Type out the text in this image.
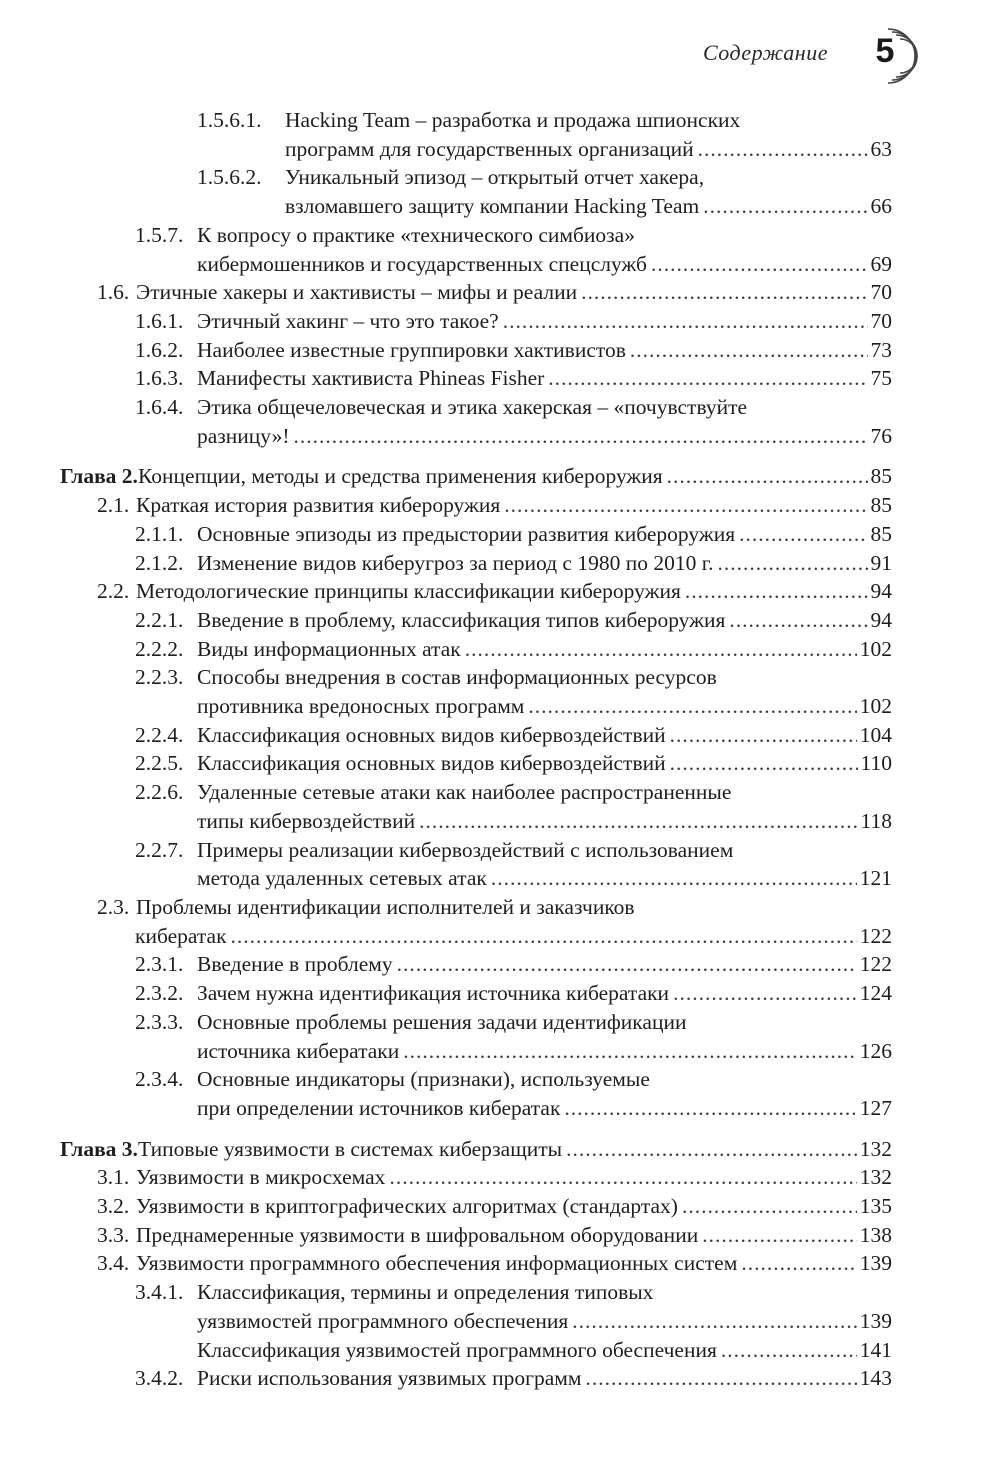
Содержание	5
1.5.6.1.	Hacking Team – разработка и продажа шпионских
программ для государственных организаций .....	63
1.5.6.2.	Уникальный эпизод – открытый отчет хакера,
взломавшего защиту компании Hacking Team .....	66
1.5.7. К вопросу о практике «технического симбиоза»
кибермошенников и государственных спецслужб .....	69
1.6. Этичные хакеры и хактивисты – мифы и реалии .....	70
1.6.1. Этичный хакинг – что это такое? .....	70
1.6.2. Наиболее известные группировки хактивистов .....	73
1.6.3. Манифесты хактивиста Phineas Fisher .....	75
1.6.4. Этика общечеловеческая и этика хакерская – «почувствуйте
разницу»! .....	76
Глава 2. Концепции, методы и средства применения кибероружия .....	85
2.1. Краткая история развития кибероружия .....	85
2.1.1. Основные эпизоды из предыстории развития кибероружия .....	85
2.1.2. Изменение видов киберугроз за период с 1980 по 2010 г. .....	91
2.2. Методологические принципы классификации кибероружия .....	94
2.2.1. Введение в проблему, классификация типов кибероружия .....	94
2.2.2. Виды информационных атак .....	102
2.2.3. Способы внедрения в состав информационных ресурсов
противника вредоносных программ .....	102
2.2.4. Классификация основных видов кибервоздействий .....	104
2.2.5. Классификация основных видов кибервоздействий .....	110
2.2.6. Удаленные сетевые атаки как наиболее распространенные
типы кибервоздействий .....	118
2.2.7. Примеры реализации кибервоздействий с использованием
метода удаленных сетевых атак .....	121
2.3. Проблемы идентификации исполнителей и заказчиков
кибератак .....	122
2.3.1. Введение в проблему .....	122
2.3.2. Зачем нужна идентификация источника кибератаки .....	124
2.3.3. Основные проблемы решения задачи идентификации
источника кибератаки .....	126
2.3.4. Основные индикаторы (признаки), используемые
при определении источников кибератак .....	127
Глава 3. Типовые уязвимости в системах киберзащиты .....	132
3.1. Уязвимости в микросхемах .....	132
3.2. Уязвимости в криптографических алгоритмах (стандартах) .....	135
3.3. Преднамеренные уязвимости в шифровальном оборудовании .....	138
3.4. Уязвимости программного обеспечения информационных систем .....	139
3.4.1. Классификация, термины и определения типовых
уязвимостей программного обеспечения .....	139
Классификация уязвимостей программного обеспечения .....	141
3.4.2. Риски использования уязвимых программ .....	143
